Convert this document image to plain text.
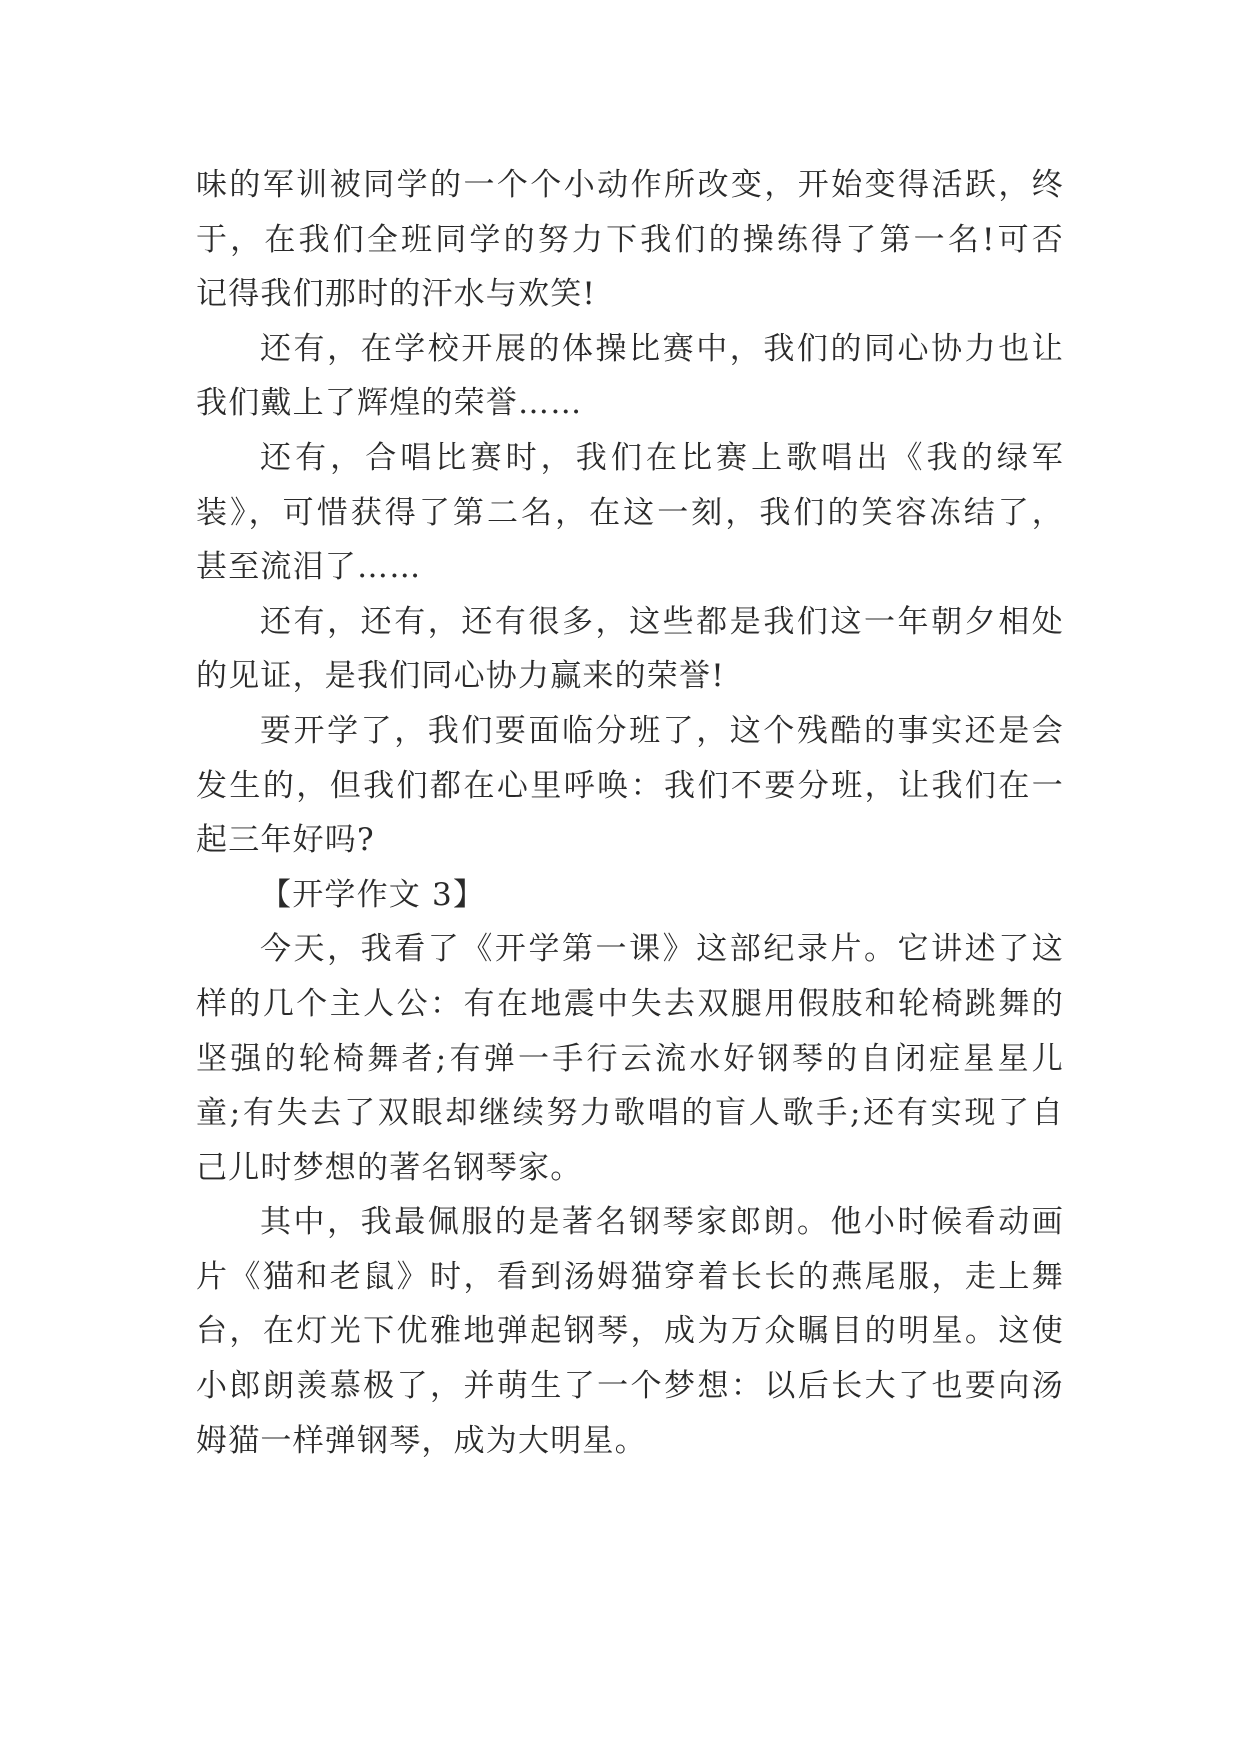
味的军训被同学的一个个小动作所改变，开始变得活跃，终
于，在我们全班同学的努力下我们的操练得了第一名!可否
记得我们那时的汗水与欢笑!
还有，在学校开展的体操比赛中，我们的同心协力也让
我们戴上了辉煌的荣誉……
还有，合唱比赛时，我们在比赛上歌唱出《我的绿军
装》，可惜获得了第二名，在这一刻，我们的笑容冻结了，
甚至流泪了……
还有，还有，还有很多，这些都是我们这一年朝夕相处
的见证，是我们同心协力赢来的荣誉!
要开学了，我们要面临分班了，这个残酷的事实还是会
发生的，但我们都在心里呼唤：我们不要分班，让我们在一
起三年好吗?
【开学作文 3】
今天，我看了《开学第一课》这部纪录片。它讲述了这
样的几个主人公：有在地震中失去双腿用假肢和轮椅跳舞的
坚强的轮椅舞者;有弹一手行云流水好钢琴的自闭症星星儿
童;有失去了双眼却继续努力歌唱的盲人歌手;还有实现了自
己儿时梦想的著名钢琴家。
其中，我最佩服的是著名钢琴家郎朗。他小时候看动画
片《猫和老鼠》时，看到汤姆猫穿着长长的燕尾服，走上舞
台，在灯光下优雅地弹起钢琴，成为万众瞩目的明星。这使
小郎朗羡慕极了，并萌生了一个梦想：以后长大了也要向汤
姆猫一样弹钢琴，成为大明星。
